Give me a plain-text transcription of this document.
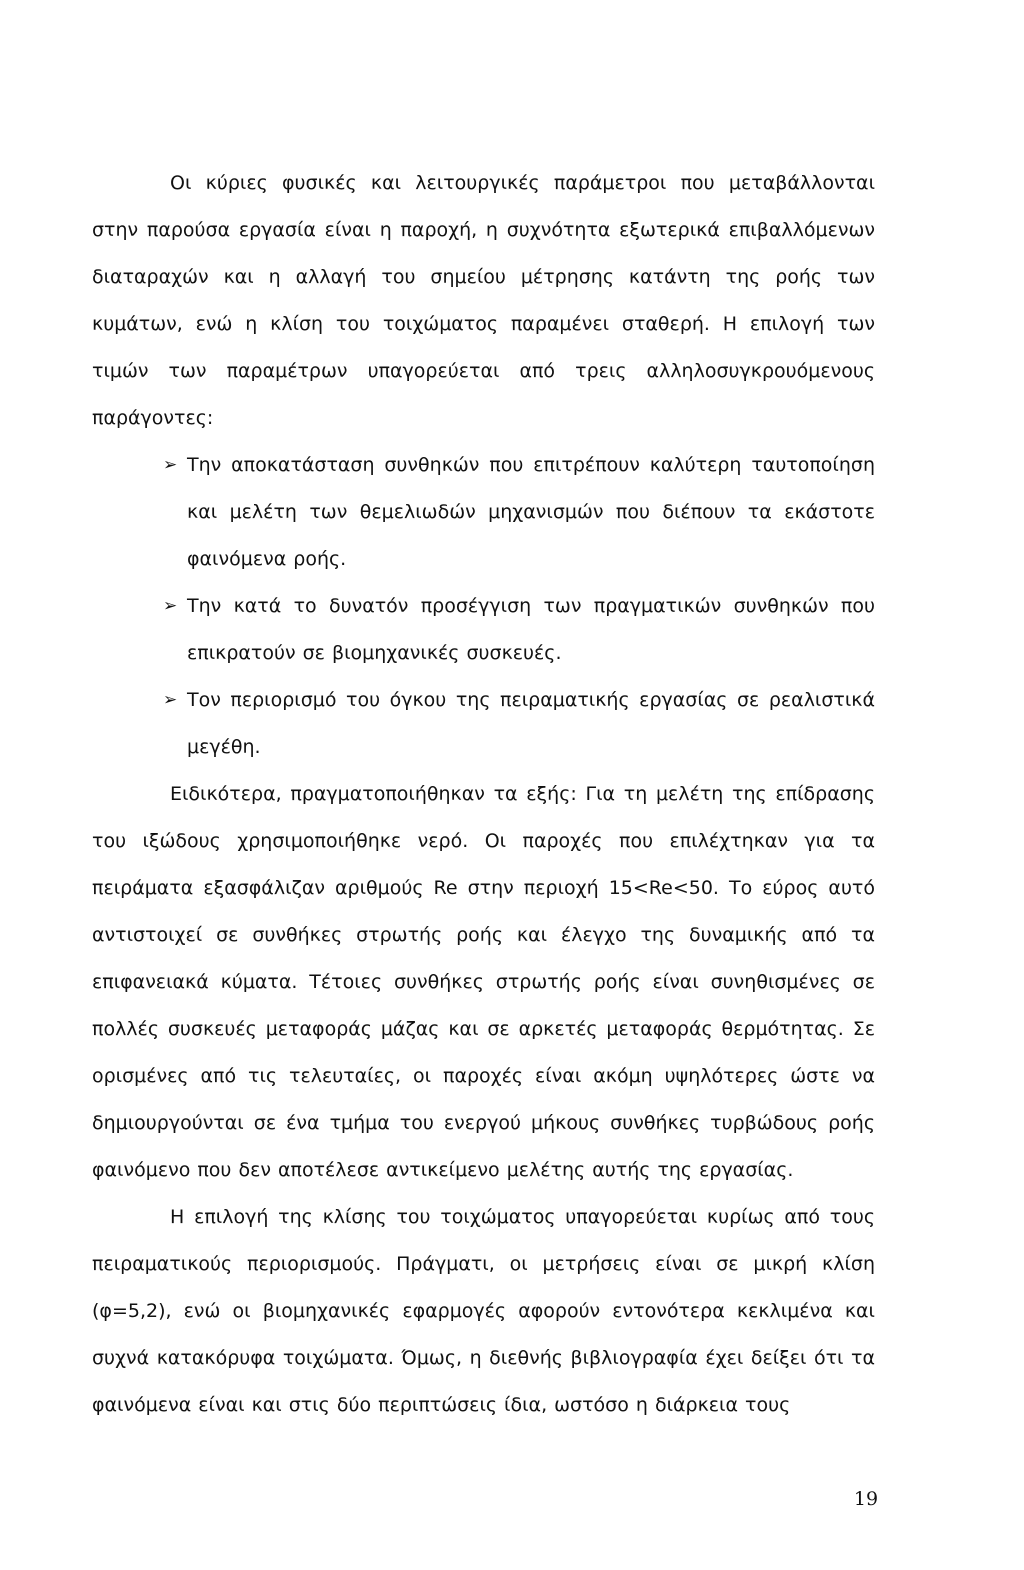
Οι κύριες φυσικές και λειτουργικές παράμετροι που μεταβάλλονται στην παρούσα εργασία είναι η παροχή, η συχνότητα εξωτερικά επιβαλλόμενων διαταραχών και η αλλαγή του σημείου μέτρησης κατάντη της ροής των κυμάτων, ενώ η κλίση του τοιχώματος παραμένει σταθερή. Η επιλογή των τιμών των παραμέτρων υπαγορεύεται από τρεις αλληλοσυγκρουόμενους παράγοντες:

➢ Την αποκατάσταση συνθηκών που επιτρέπουν καλύτερη ταυτοποίηση και μελέτη των θεμελιωδών μηχανισμών που διέπουν τα εκάστοτε φαινόμενα ροής.
➢ Την κατά το δυνατόν προσέγγιση των πραγματικών συνθηκών που επικρατούν σε βιομηχανικές συσκευές.
➢ Τον περιορισμό του όγκου της πειραματικής εργασίας σε ρεαλιστικά μεγέθη.

Ειδικότερα, πραγματοποιήθηκαν τα εξής: Για τη μελέτη της επίδρασης του ιξώδους χρησιμοποιήθηκε νερό. Οι παροχές που επιλέχτηκαν για τα πειράματα εξασφάλιζαν αριθμούς Re στην περιοχή 15<Re<50. Το εύρος αυτό αντιστοιχεί σε συνθήκες στρωτής ροής και έλεγχο της δυναμικής από τα επιφανειακά κύματα. Τέτοιες συνθήκες στρωτής ροής είναι συνηθισμένες σε πολλές συσκευές μεταφοράς μάζας και σε αρκετές μεταφοράς θερμότητας. Σε ορισμένες από τις τελευταίες, οι παροχές είναι ακόμη υψηλότερες ώστε να δημιουργούνται σε ένα τμήμα του ενεργού μήκους συνθήκες τυρβώδους ροής φαινόμενο που δεν αποτέλεσε αντικείμενο μελέτης αυτής της εργασίας.

Η επιλογή της κλίσης του τοιχώματος υπαγορεύεται κυρίως από τους πειραματικούς περιορισμούς. Πράγματι, οι μετρήσεις είναι σε μικρή κλίση (φ=5,2), ενώ οι βιομηχανικές εφαρμογές αφορούν εντονότερα κεκλιμένα και συχνά κατακόρυφα τοιχώματα. Όμως, η διεθνής βιβλιογραφία έχει δείξει ότι τα φαινόμενα είναι και στις δύο περιπτώσεις ίδια, ωστόσο η διάρκεια τους

19
